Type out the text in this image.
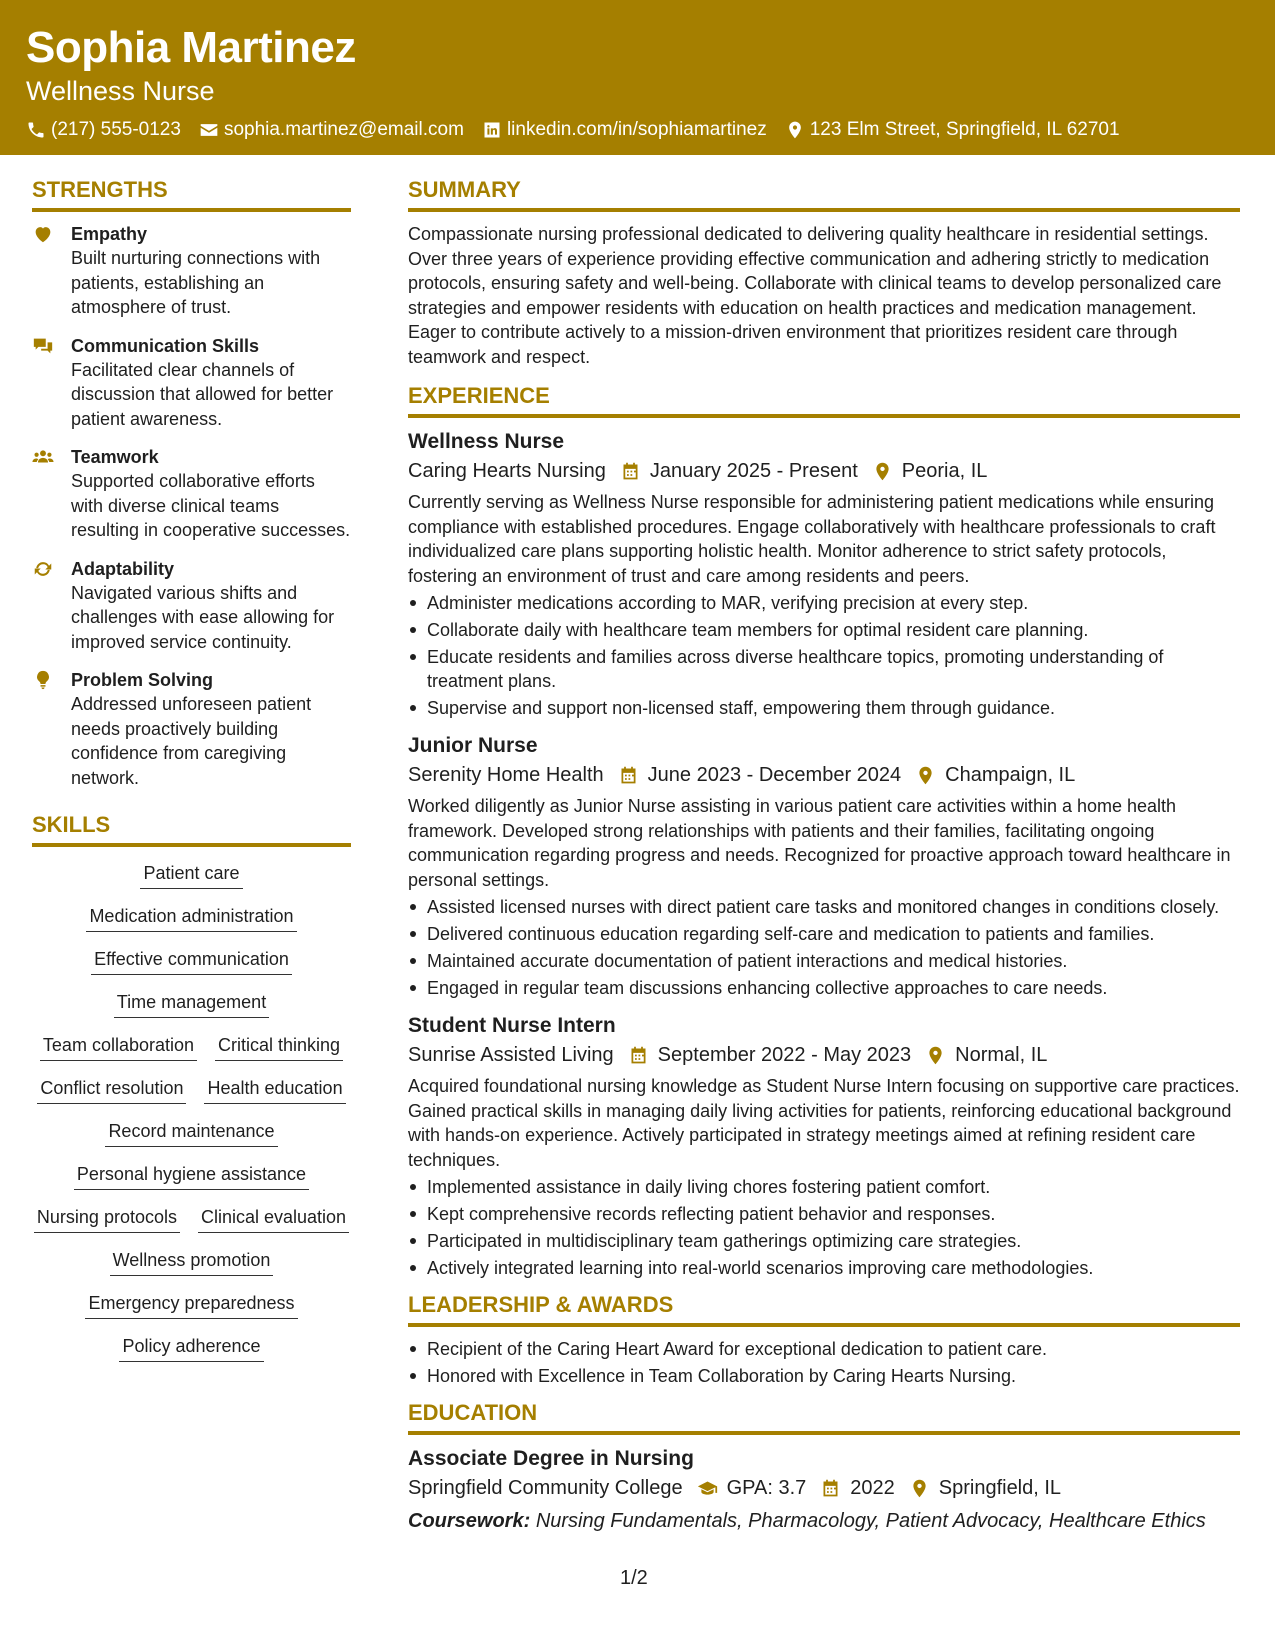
Sophia Martinez
Wellness Nurse
(217) 555-0123 sophia.martinez@email.com linkedin.com/in/sophiamartinez 123 Elm Street, Springfield, IL 62701
STRENGTHS
Empathy
Built nurturing connections with patients, establishing an atmosphere of trust.
Communication Skills
Facilitated clear channels of discussion that allowed for better patient awareness.
Teamwork
Supported collaborative efforts with diverse clinical teams resulting in cooperative successes.
Adaptability
Navigated various shifts and challenges with ease allowing for improved service continuity.
Problem Solving
Addressed unforeseen patient needs proactively building confidence from caregiving network.
SKILLS
Patient care
Medication administration
Effective communication
Time management
Team collaboration Critical thinking
Conflict resolution Health education
Record maintenance
Personal hygiene assistance
Nursing protocols Clinical evaluation
Wellness promotion
Emergency preparedness
Policy adherence
SUMMARY
Compassionate nursing professional dedicated to delivering quality healthcare in residential settings. Over three years of experience providing effective communication and adhering strictly to medication protocols, ensuring safety and well-being. Collaborate with clinical teams to develop personalized care strategies and empower residents with education on health practices and medication management. Eager to contribute actively to a mission-driven environment that prioritizes resident care through teamwork and respect.
EXPERIENCE
Wellness Nurse
Caring Hearts Nursing January 2025 - Present Peoria, IL
Currently serving as Wellness Nurse responsible for administering patient medications while ensuring compliance with established procedures. Engage collaboratively with healthcare professionals to craft individualized care plans supporting holistic health. Monitor adherence to strict safety protocols, fostering an environment of trust and care among residents and peers.
Administer medications according to MAR, verifying precision at every step.
Collaborate daily with healthcare team members for optimal resident care planning.
Educate residents and families across diverse healthcare topics, promoting understanding of treatment plans.
Supervise and support non-licensed staff, empowering them through guidance.
Junior Nurse
Serenity Home Health June 2023 - December 2024 Champaign, IL
Worked diligently as Junior Nurse assisting in various patient care activities within a home health framework. Developed strong relationships with patients and their families, facilitating ongoing communication regarding progress and needs. Recognized for proactive approach toward healthcare in personal settings.
Assisted licensed nurses with direct patient care tasks and monitored changes in conditions closely.
Delivered continuous education regarding self-care and medication to patients and families.
Maintained accurate documentation of patient interactions and medical histories.
Engaged in regular team discussions enhancing collective approaches to care needs.
Student Nurse Intern
Sunrise Assisted Living September 2022 - May 2023 Normal, IL
Acquired foundational nursing knowledge as Student Nurse Intern focusing on supportive care practices. Gained practical skills in managing daily living activities for patients, reinforcing educational background with hands-on experience. Actively participated in strategy meetings aimed at refining resident care techniques.
Implemented assistance in daily living chores fostering patient comfort.
Kept comprehensive records reflecting patient behavior and responses.
Participated in multidisciplinary team gatherings optimizing care strategies.
Actively integrated learning into real-world scenarios improving care methodologies.
LEADERSHIP & AWARDS
Recipient of the Caring Heart Award for exceptional dedication to patient care.
Honored with Excellence in Team Collaboration by Caring Hearts Nursing.
EDUCATION
Associate Degree in Nursing
Springfield Community College GPA: 3.7 2022 Springfield, IL
Coursework: Nursing Fundamentals, Pharmacology, Patient Advocacy, Healthcare Ethics
1/2
